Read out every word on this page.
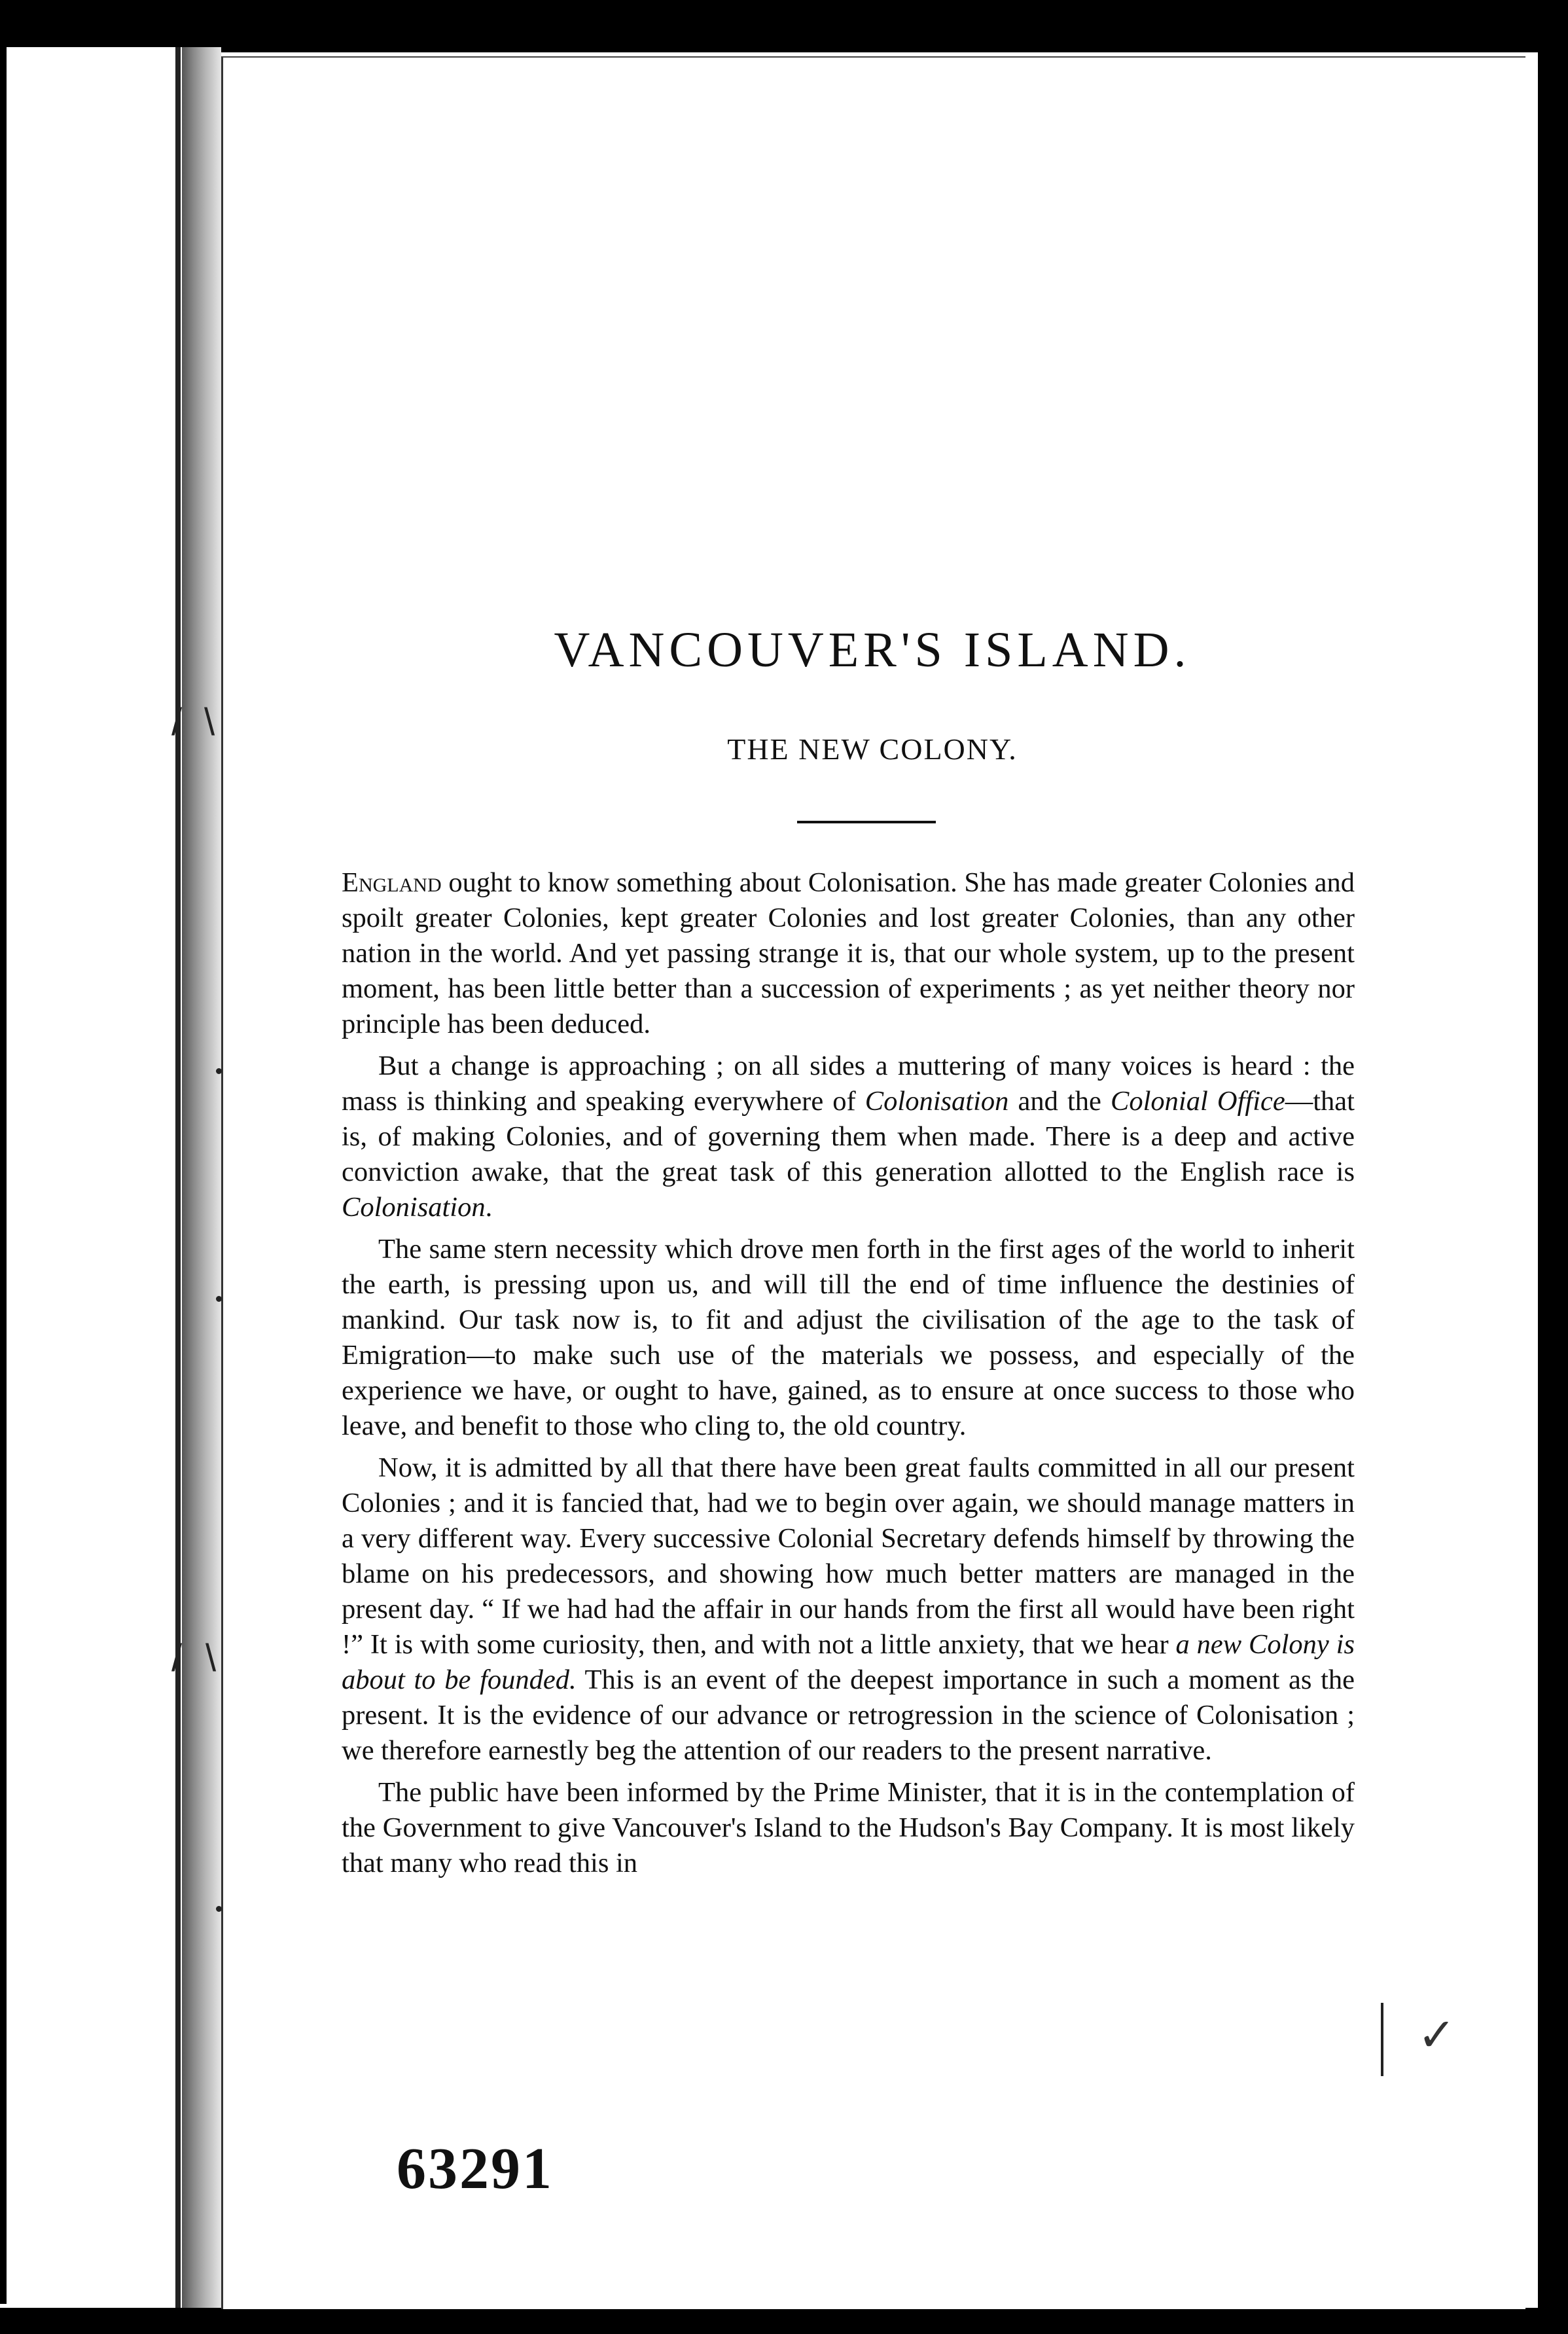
/ \
\
/
VANCOUVER'S ISLAND.
THE NEW COLONY.

England ought to know something about Colonisation. She has made greater Colonies and spoilt greater Colonies, kept greater Colonies and lost greater Colonies, than any other nation in the world. And yet passing strange it is, that our whole system, up to the present moment, has been little better than a succession of experiments ; as yet neither theory nor principle has been deduced.

But a change is approaching ; on all sides a muttering of many voices is heard : the mass is thinking and speaking everywhere of Colonisation and the Colonial Office—that is, of making Colonies, and of governing them when made. There is a deep and active conviction awake, that the great task of this generation allotted to the English race is Colonisation.

The same stern necessity which drove men forth in the first ages of the world to inherit the earth, is pressing upon us, and will till the end of time influence the destinies of mankind. Our task now is, to fit and adjust the civilisation of the age to the task of Emigration—to make such use of the materials we possess, and especially of the experience we have, or ought to have, gained, as to ensure at once success to those who leave, and benefit to those who cling to, the old country.

Now, it is admitted by all that there have been great faults committed in all our present Colonies ; and it is fancied that, had we to begin over again, we should manage matters in a very different way. Every successive Colonial Secretary defends himself by throwing the blame on his predecessors, and showing how much better matters are managed in the present day. “ If we had had the affair in our hands from the first all would have been right !” It is with some curiosity, then, and with not a little anxiety, that we hear a new Colony is about to be founded. This is an event of the deepest importance in such a moment as the present. It is the evidence of our advance or retrogression in the science of Colonisation ; we therefore earnestly beg the attention of our readers to the present narrative.

The public have been informed by the Prime Minister, that it is in the contemplation of the Government to give Vancouver's Island to the Hudson's Bay Company. It is most likely that many who read this in

✓
63291
